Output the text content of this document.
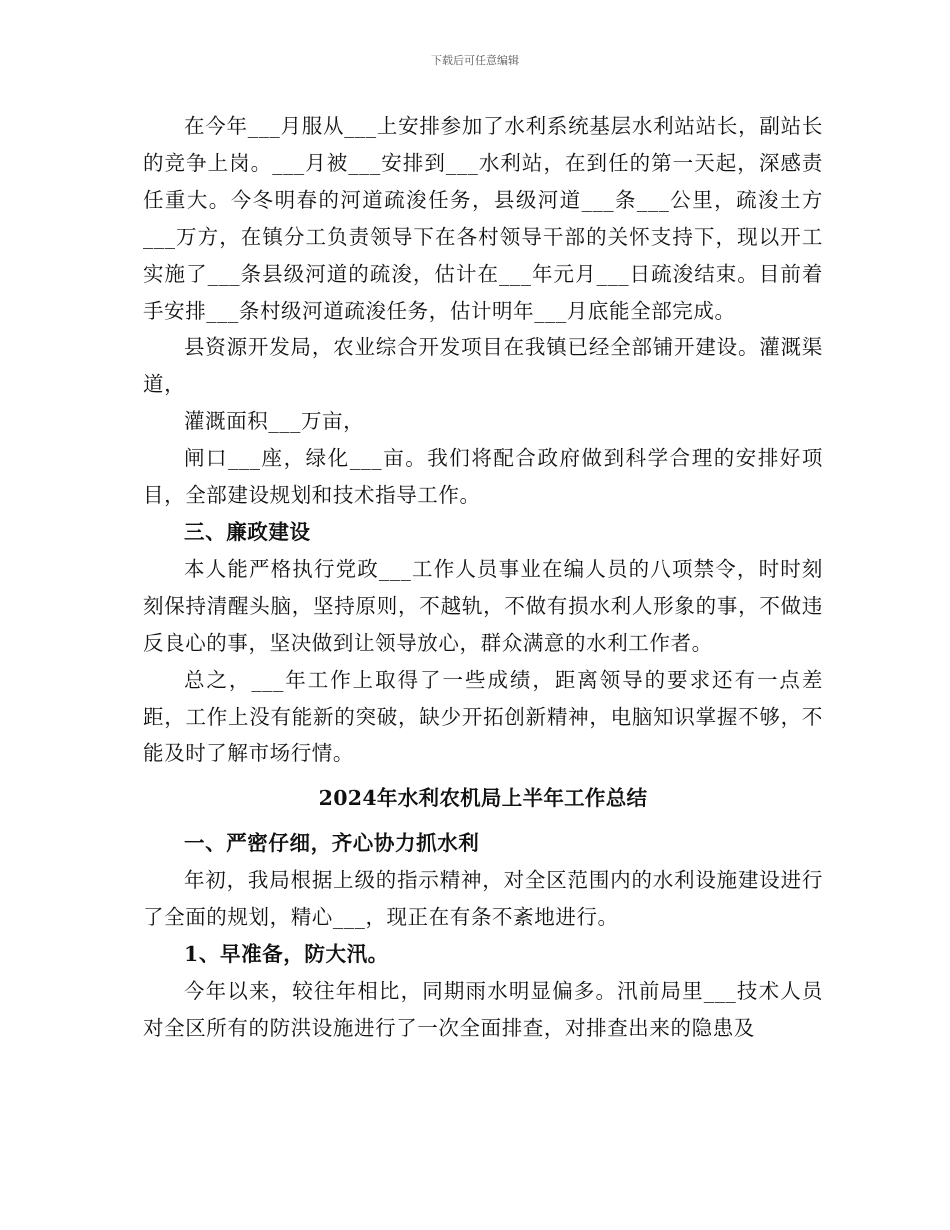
下载后可任意编辑

在今年___月服从___上安排参加了水利系统基层水利站站长，副站长的竞争上岗。___月被___安排到___水利站，在到任的第一天起，深感责任重大。今冬明春的河道疏浚任务，县级河道___条___公里，疏浚土方___万方，在镇分工负责领导下在各村领导干部的关怀支持下，现以开工实施了___条县级河道的疏浚，估计在___年元月___日疏浚结束。目前着手安排___条村级河道疏浚任务，估计明年___月底能全部完成。

县资源开发局，农业综合开发项目在我镇已经全部铺开建设。灌溉渠道，

灌溉面积___万亩，

闸口___座，绿化___亩。我们将配合政府做到科学合理的安排好项目，全部建设规划和技术指导工作。

三、廉政建设

本人能严格执行党政___工作人员事业在编人员的八项禁令，时时刻刻保持清醒头脑，坚持原则，不越轨，不做有损水利人形象的事，不做违反良心的事，坚决做到让领导放心，群众满意的水利工作者。

总之，___年工作上取得了一些成绩，距离领导的要求还有一点差距，工作上没有能新的突破，缺少开拓创新精神，电脑知识掌握不够，不能及时了解市场行情。

2024年水利农机局上半年工作总结

一、严密仔细，齐心协力抓水利

年初，我局根据上级的指示精神，对全区范围内的水利设施建设进行了全面的规划，精心___，现正在有条不紊地进行。

1、早准备，防大汛。

今年以来，较往年相比，同期雨水明显偏多。汛前局里___技术人员对全区所有的防洪设施进行了一次全面排查，对排查出来的隐患及
